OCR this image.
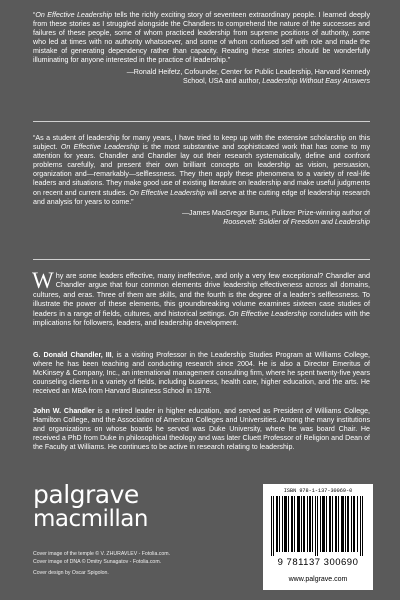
“On Effective Leadership tells the richly exciting story of seventeen extraordinary people. I learned deeply from these stories as I struggled alongside the Chandlers to comprehend the nature of the successes and failures of these people, some of whom practiced leadership from supreme positions of authority, some who led at times with no authority whatsoever, and some of whom confused self with role and made the mistake of generating dependency rather than capacity. Reading these stories should be wonderfully illuminating for anyone interested in the practice of leadership.”

—Ronald Heifetz, Cofounder, Center for Public Leadership, Harvard Kennedy
School, USA and author, Leadership Without Easy Answers

“As a student of leadership for many years, I have tried to keep up with the extensive scholarship on this subject. On Effective Leadership is the most substantive and sophisticated work that has come to my attention for years. Chandler and Chandler lay out their research systematically, define and confront problems carefully, and present their own brilliant concepts on leadership as vision, persuasion, organization and—remarkably—selflessness. They then apply these phenomena to a variety of real-life leaders and situations. They make good use of existing literature on leadership and make useful judgments on recent and current studies. On Effective Leadership will serve at the cutting edge of leadership research and analysis for years to come.”

—James MacGregor Burns, Pulitzer Prize-winning author of
Roosevelt: Soldier of Freedom and Leadership

Why are some leaders effective, many ineffective, and only a very few exceptional? Chandler and Chandler argue that four common elements drive leadership effectiveness across all domains, cultures, and eras. Three of them are skills, and the fourth is the degree of a leader’s selflessness. To illustrate the power of these elements, this groundbreaking volume examines sixteen case studies of leaders in a range of fields, cultures, and historical settings. On Effective Leadership concludes with the implications for followers, leaders, and leadership development.
G. Donald Chandler, III, is a visiting Professor in the Leadership Studies Program at Williams College, where he has been teaching and conducting research since 2004. He is also a Director Emeritus of McKinsey & Company, Inc., an international management consulting firm, where he spent twenty-five years counseling clients in a variety of fields, including business, health care, higher education, and the arts. He received an MBA from Harvard Business School in 1978.
John W. Chandler is a retired leader in higher education, and served as President of Williams College, Hamilton College, and the Association of American Colleges and Universities. Among the many institutions and organizations on whose boards he served was Duke University, where he was board Chair. He received a PhD from Duke in philosophical theology and was later Cluett Professor of Religion and Dean of the Faculty at Williams. He continues to be active in research relating to leadership.
palgrave
macmillan
Cover image of the temple © V. ZHURAVLEV - Fotolia.com.
Cover image of DNA © Dmitry Sunagatov - Fotolia.com.
Cover design by Oscar Spigolon.
ISBN 978-1-137-30069-0
9 781137 300690
www.palgrave.com
